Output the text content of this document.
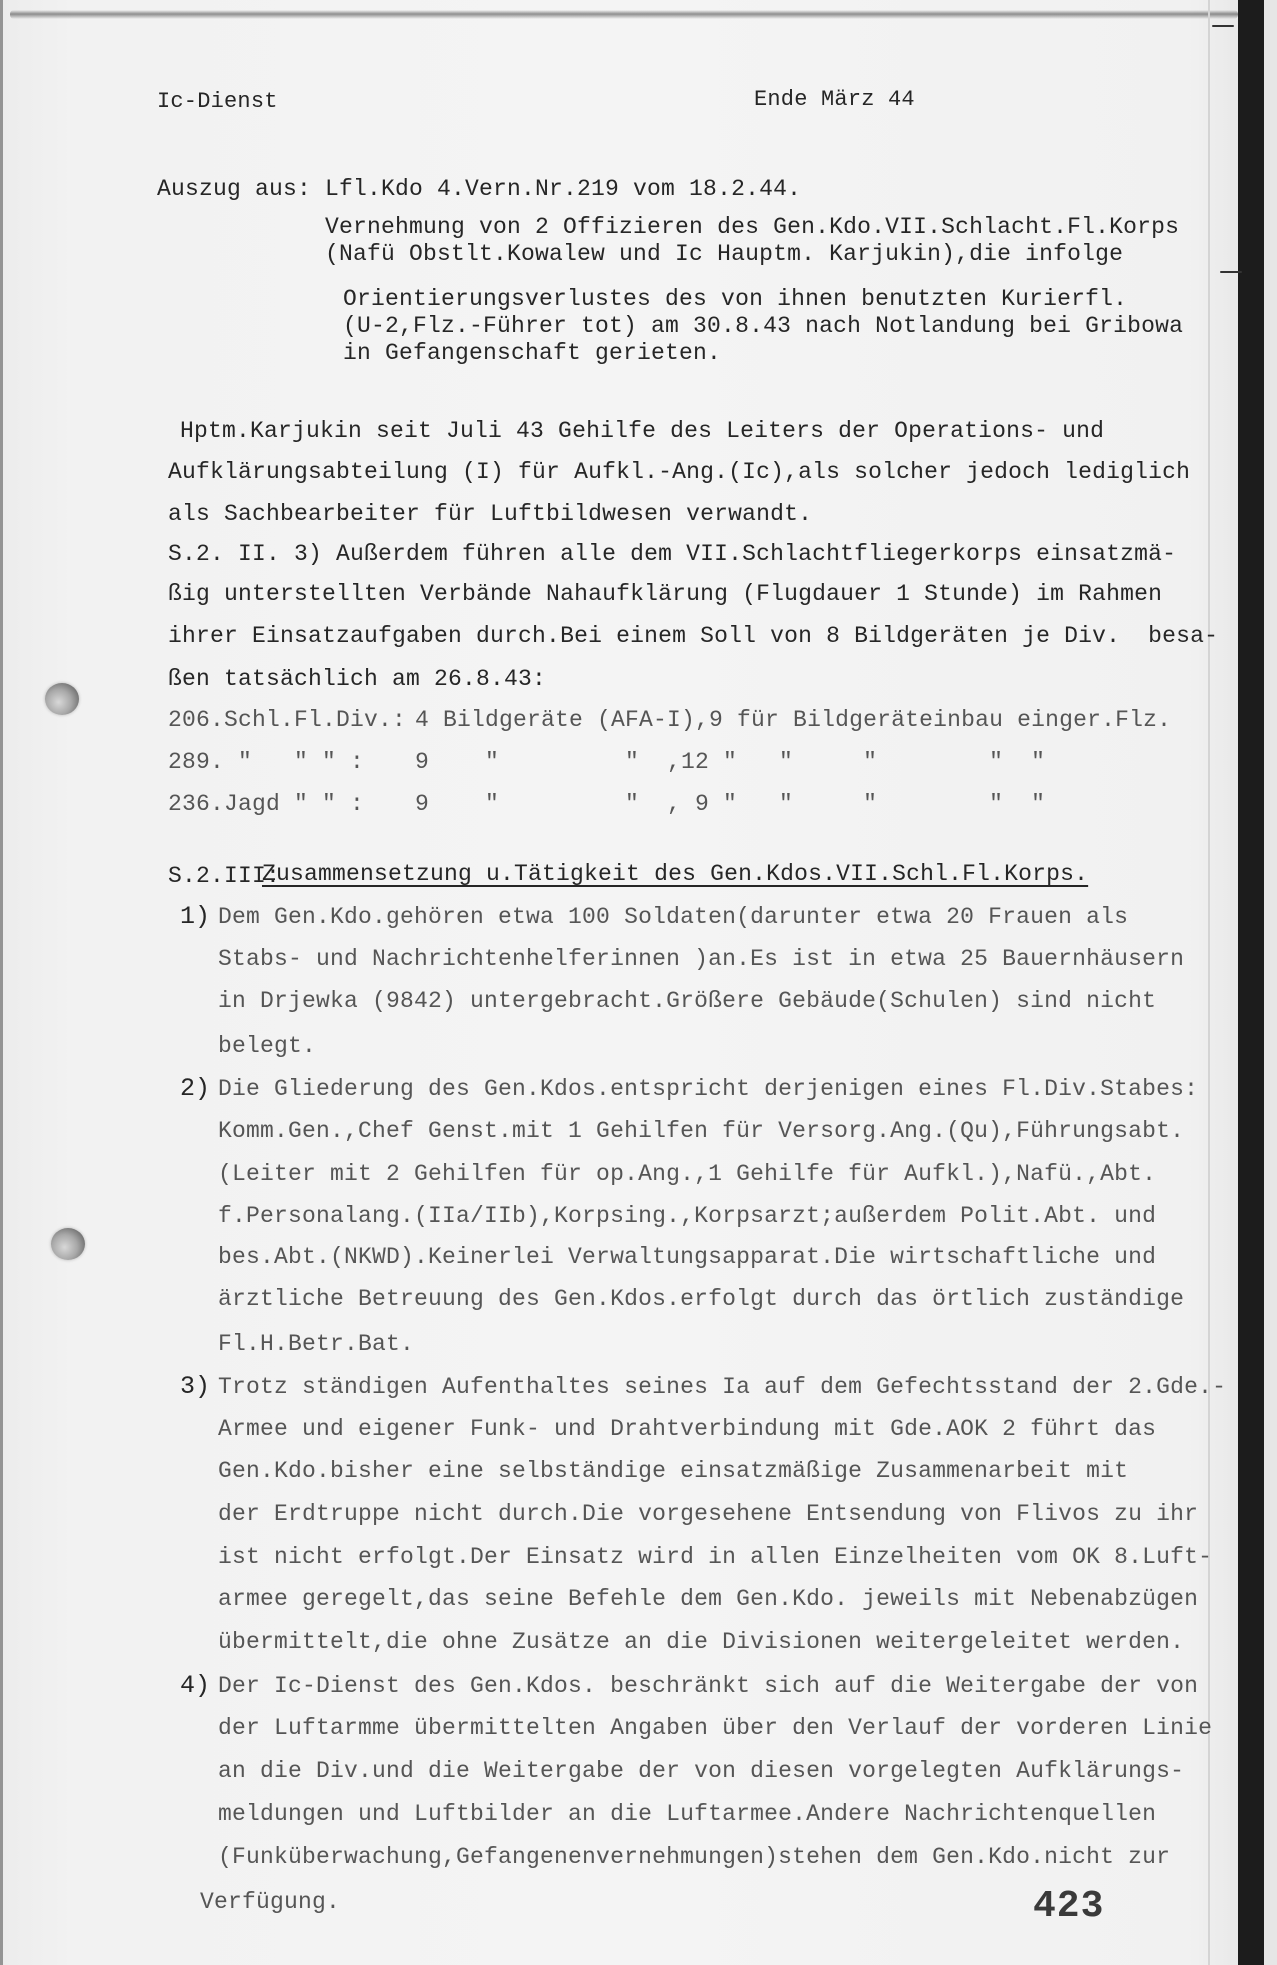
Ic-Dienst	Ende März 44
Auszug aus: Lfl.Kdo 4.Vern.Nr.219 vom 18.2.44.
Vernehmung von 2 Offizieren des Gen.Kdo.VII.Schlacht.Fl.Korps
(Nafü Obstlt.Kowalew und Ic Hauptm. Karjukin),die infolge
Orientierungsverlustes des von ihnen benutzten Kurierfl.
(U-2,Flz.-Führer tot) am 30.8.43 nach Notlandung bei Gribowa
in Gefangenschaft gerieten.
Hptm.Karjukin seit Juli 43 Gehilfe des Leiters der Operations- und
Aufklärungsabteilung (I) für Aufkl.-Ang.(Ic),als solcher jedoch lediglich
als Sachbearbeiter für Luftbildwesen verwandt.
S.2. II. 3) Außerdem führen alle dem VII.Schlachtfliegerkorps einsatzmä-
ßig unterstellten Verbände Nahaufklärung (Flugdauer 1 Stunde) im Rahmen
ihrer Einsatzaufgaben durch.Bei einem Soll von 8 Bildgeräten je Div.  besa-
ßen tatsächlich am 26.8.43:
206.Schl.Fl.Div.: 4 Bildgeräte (AFA-I),9 für Bildgeräteinbau einger.Flz.
289. "   " " : 9    "         "  ,12 "   "     "        "  "
236.Jagd " " : 9    "         "  , 9 "   "     "        "  "
S.2.III:
Zusammensetzung u.Tätigkeit des Gen.Kdos.VII.Schl.Fl.Korps.
1) Dem Gen.Kdo.gehören etwa 100 Soldaten(darunter etwa 20 Frauen als
Stabs- und Nachrichtenhelferinnen )an.Es ist in etwa 25 Bauernhäusern
in Drjewka (9842) untergebracht.Größere Gebäude(Schulen) sind nicht
belegt.
2) Die Gliederung des Gen.Kdos.entspricht derjenigen eines Fl.Div.Stabes:
Komm.Gen.,Chef Genst.mit 1 Gehilfen für Versorg.Ang.(Qu),Führungsabt.
(Leiter mit 2 Gehilfen für op.Ang.,1 Gehilfe für Aufkl.),Nafü.,Abt.
f.Personalang.(IIa/IIb),Korpsing.,Korpsarzt;außerdem Polit.Abt. und
bes.Abt.(NKWD).Keinerlei Verwaltungsapparat.Die wirtschaftliche und
ärztliche Betreuung des Gen.Kdos.erfolgt durch das örtlich zuständige
Fl.H.Betr.Bat.
3) Trotz ständigen Aufenthaltes seines Ia auf dem Gefechtsstand der 2.Gde.-
Armee und eigener Funk- und Drahtverbindung mit Gde.AOK 2 führt das
Gen.Kdo.bisher eine selbständige einsatzmäßige Zusammenarbeit mit
der Erdtruppe nicht durch.Die vorgesehene Entsendung von Flivos zu ihr
ist nicht erfolgt.Der Einsatz wird in allen Einzelheiten vom OK 8.Luft-
armee geregelt,das seine Befehle dem Gen.Kdo. jeweils mit Nebenabzügen
übermittelt,die ohne Zusätze an die Divisionen weitergeleitet werden.
4) Der Ic-Dienst des Gen.Kdos. beschränkt sich auf die Weitergabe der von
der Luftarmme übermittelten Angaben über den Verlauf der vorderen Linie
an die Div.und die Weitergabe der von diesen vorgelegten Aufklärungs-
meldungen und Luftbilder an die Luftarmee.Andere Nachrichtenquellen
(Funküberwachung,Gefangenenvernehmungen)stehen dem Gen.Kdo.nicht zur
Verfügung.	423
